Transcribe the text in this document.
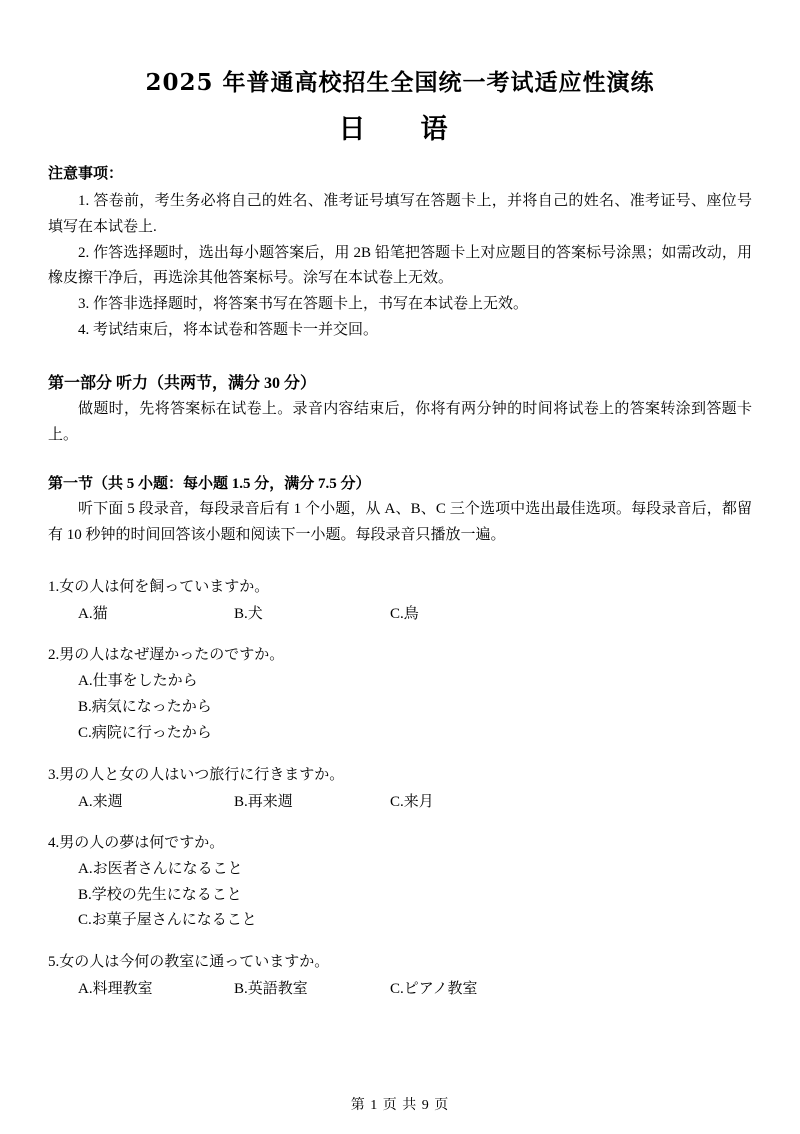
2025 年普通高校招生全国统一考试适应性演练
日　语
注意事项：

1. 答卷前，考生务必将自己的姓名、准考证号填写在答题卡上，并将自己的姓名、准考证号、座位号填写在本试卷上.

2. 作答选择题时，选出每小题答案后，用 2B 铅笔把答题卡上对应题目的答案标号涂黑；如需改动，用橡皮擦干净后，再选涂其他答案标号。涂写在本试卷上无效。

3. 作答非选择题时，将答案书写在答题卡上，书写在本试卷上无效。

4. 考试结束后，将本试卷和答题卡一并交回。

第一部分 听力（共两节，满分 30 分）

做题时，先将答案标在试卷上。录音内容结束后，你将有两分钟的时间将试卷上的答案转涂到答题卡上。

第一节（共 5 小题：每小题 1.5 分，满分 7.5 分）

听下面 5 段录音，每段录音后有 1 个小题，从 A、B、C 三个选项中选出最佳选项。每段录音后，都留有 10 秒钟的时间回答该小题和阅读下一小题。每段录音只播放一遍。

1.女の人は何を飼っていますか。

A.猫	B.犬	C.鳥

2.男の人はなぜ遅かったのですか。

A.仕事をしたから
B.病気になったから
C.病院に行ったから

3.男の人と女の人はいつ旅行に行きますか。

A.来週	B.再来週	C.来月

4.男の人の夢は何ですか。

A.お医者さんになること
B.学校の先生になること
C.お菓子屋さんになること

5.女の人は今何の教室に通っていますか。

A.料理教室	B.英語教室	C.ピアノ教室
第 1 页 共 9 页
